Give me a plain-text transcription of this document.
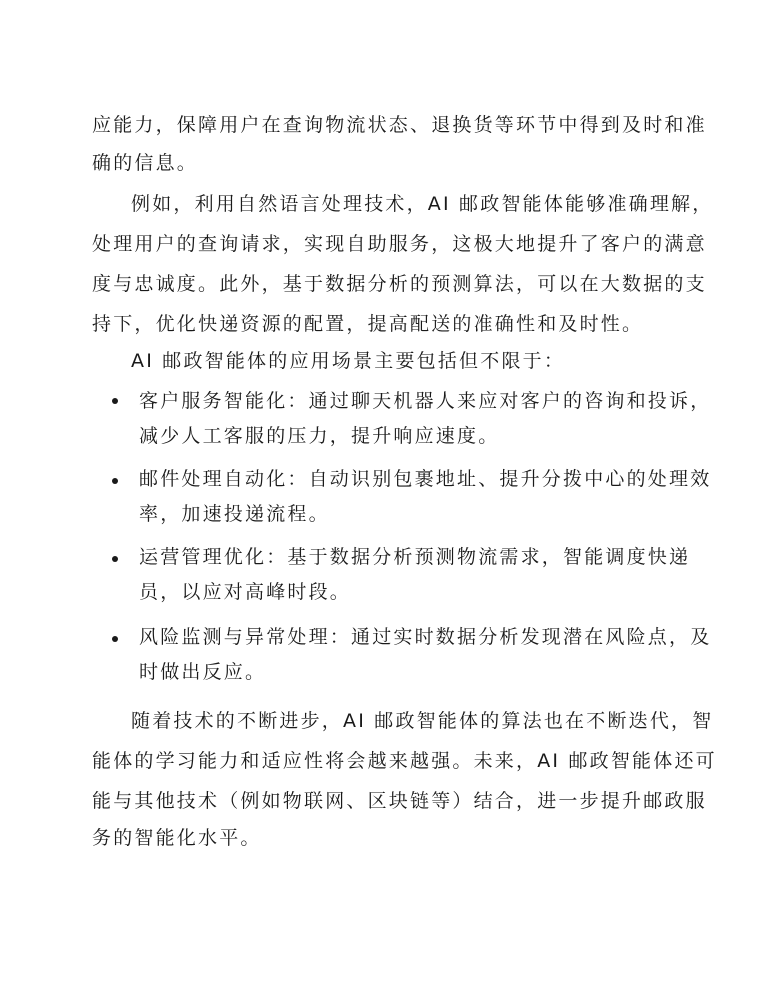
应能力，保障用户在查询物流状态、退换货等环节中得到及时和准
确的信息。
例如，利用自然语言处理技术，AI 邮政智能体能够准确理解，
处理用户的查询请求，实现自助服务，这极大地提升了客户的满意
度与忠诚度。此外，基于数据分析的预测算法，可以在大数据的支
持下，优化快递资源的配置，提高配送的准确性和及时性。
AI 邮政智能体的应用场景主要包括但不限于：
客户服务智能化：通过聊天机器人来应对客户的咨询和投诉，
减少人工客服的压力，提升响应速度。
邮件处理自动化：自动识别包裹地址、提升分拨中心的处理效
率，加速投递流程。
运营管理优化：基于数据分析预测物流需求，智能调度快递
员，以应对高峰时段。
风险监测与异常处理：通过实时数据分析发现潜在风险点，及
时做出反应。
随着技术的不断进步，AI 邮政智能体的算法也在不断迭代，智
能体的学习能力和适应性将会越来越强。未来，AI 邮政智能体还可
能与其他技术（例如物联网、区块链等）结合，进一步提升邮政服
务的智能化水平。
